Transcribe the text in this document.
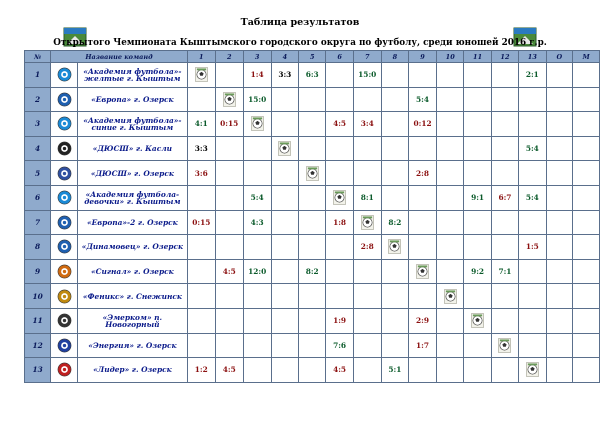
Таблица результатов
Открытого Чемпионата Кыштымского городского округа по футболу, среди юношей 2016 г.р.
№	Название команд		1	2	3	4	5	6	7	8	9	10	11	12	13	О	М
1		«Академия футбола»-желтые г. Кыштым			1:4	3:3	6:3		15:0						2:1		
2		«Европа» г. Озерск			15:0						5:4						
3		«Академия футбола»-синие г. Кыштым	4:1	0:15				4:5	3:4		0:12						
4		«ДЮСШ» г. Касли	3:3												5:4		
5		«ДЮСШ» г. Озерск	3:6								2:8						
6		«Академия футбола-девочки» г. Кыштым			5:4				8:1				9:1	6:7	5:4		
7		«Европа»-2 г. Озерск	0:15		4:3			1:8		8:2							
8		«Динамовец» г. Озерск							2:8						1:5		
9		«Сигнал» г. Озерск		4:5	12:0		8:2						9:2	7:1			
10		«Феникс» г. Снежинск										

11		«Эмерком» п. Новогорный						1:9			2:9		

12		«Энергия» г. Озерск						7:6			1:7			

13		«Лидер» г. Озерск	1:2	4:5				4:5		5:1					
